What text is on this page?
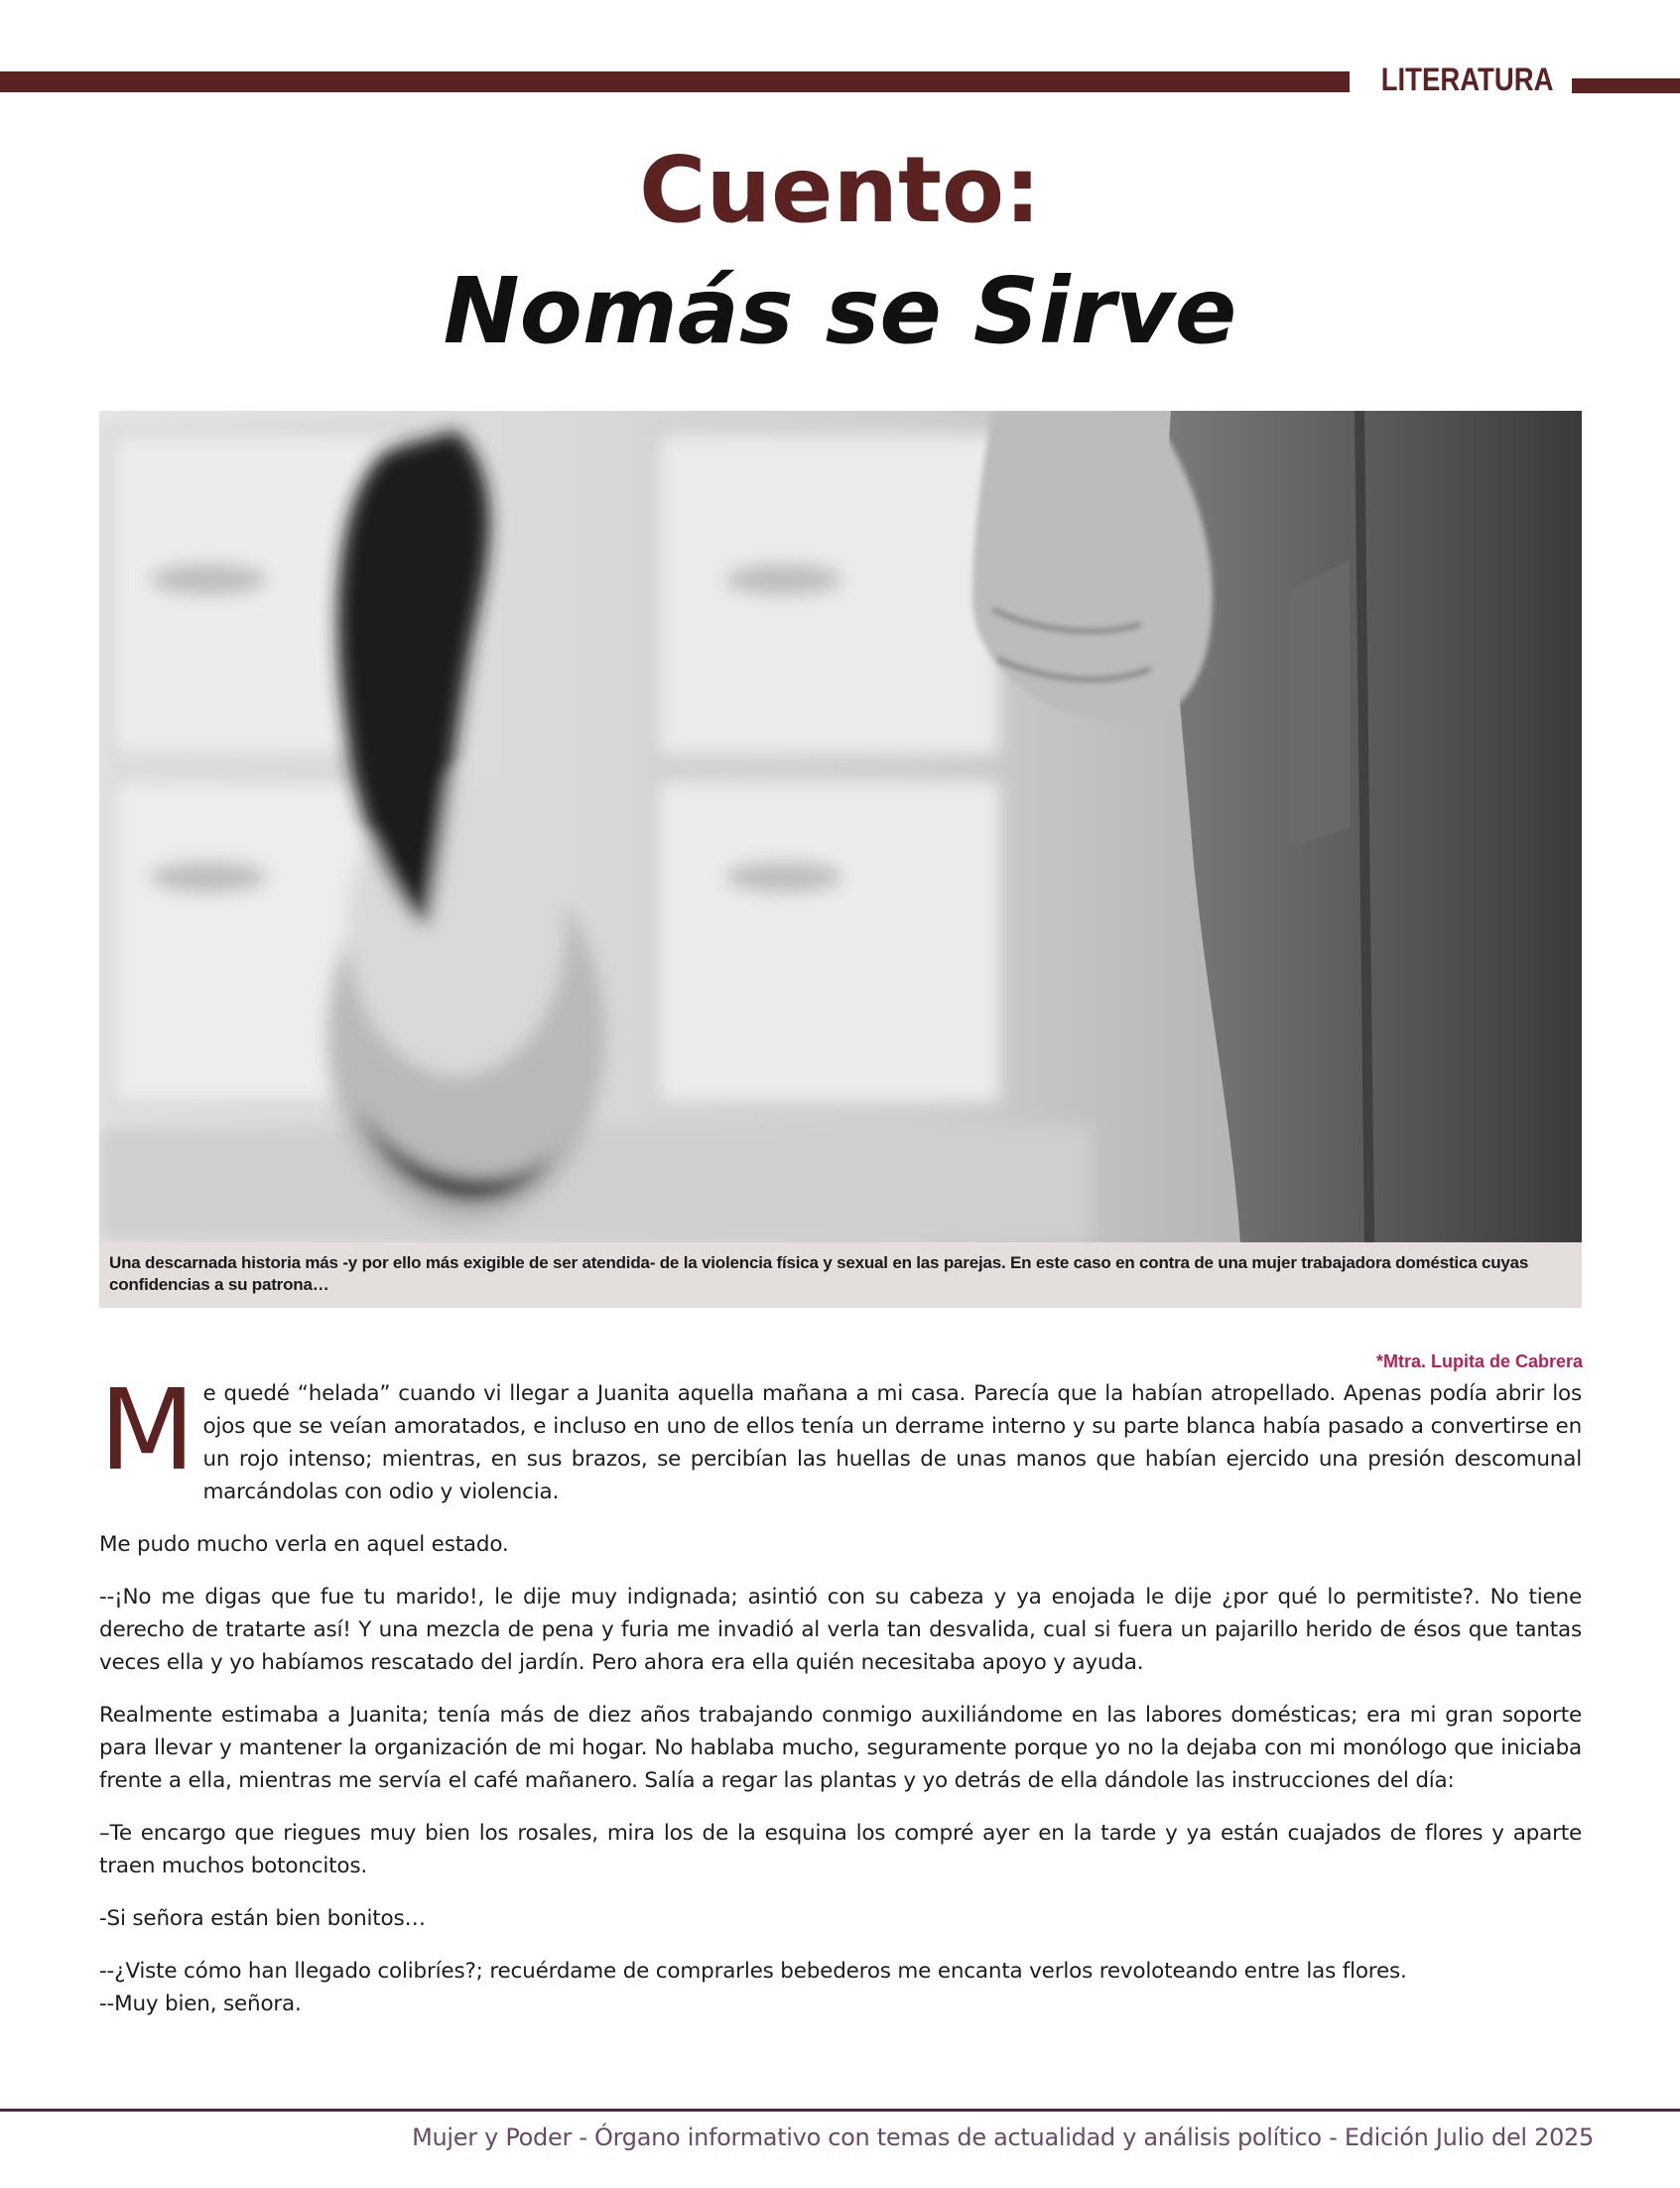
LITERATURA
Cuento:
Nomás se Sirve
Una descarnada historia más -y por ello más exigible de ser atendida- de la violencia física y sexual en las parejas. En este caso en contra de una mujer trabajadora doméstica cuyas confidencias a su patrona…
*Mtra. Lupita de Cabrera

Me quedé “helada” cuando vi llegar a Juanita aquella mañana a mi casa. Parecía que la habían atropellado. Apenas podía abrir los ojos que se veían amoratados, e incluso en uno de ellos tenía un derrame interno y su parte blanca había pasado a convertirse en un rojo intenso; mientras, en sus brazos, se percibían las huellas de unas manos que habían ejercido una presión descomunal marcándolas con odio y violencia.

Me pudo mucho verla en aquel estado.

--¡No me digas que fue tu marido!, le dije muy indignada; asintió con su cabeza y ya enojada le dije ¿por qué lo permitiste?. No tiene derecho de tratarte así! Y una mezcla de pena y furia me invadió al verla tan desvalida, cual si fuera un pajarillo herido de ésos que tantas veces ella y yo habíamos rescatado del jardín. Pero ahora era ella quién necesitaba apoyo y ayuda.

Realmente estimaba a Juanita; tenía más de diez años trabajando conmigo auxiliándome en las labores domésticas; era mi gran soporte para llevar y mantener la organización de mi hogar. No hablaba mucho, seguramente porque yo no la dejaba con mi monólogo que iniciaba frente a ella, mientras me servía el café mañanero. Salía a regar las plantas y yo detrás de ella dándole las instrucciones del día:

–Te encargo que riegues muy bien los rosales, mira los de la esquina los compré ayer en la tarde y ya están cuajados de flores y aparte traen muchos botoncitos.

-Si señora están bien bonitos…

--¿Viste cómo han llegado colibríes?; recuérdame de comprarles bebederos me encanta verlos revoloteando entre las flores.

--Muy bien, señora.

Mujer y Poder - Órgano informativo con temas de actualidad y análisis político - Edición Julio del 2025
